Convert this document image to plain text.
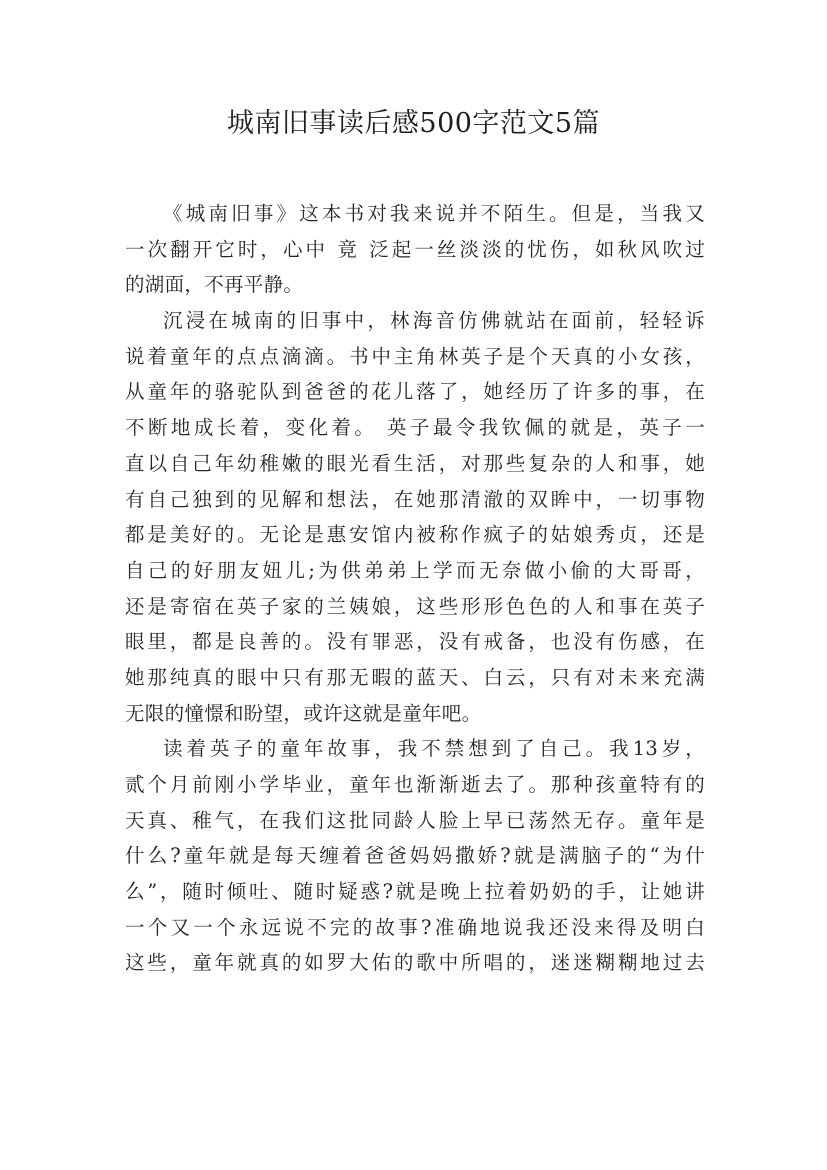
城南旧事读后感500字范文5篇
《城南旧事》这本书对我来说并不陌生。但是，当我又
一次翻开它时，心中 竟 泛起一丝淡淡的忧伤，如秋风吹过
的湖面，不再平静。
沉浸在城南的旧事中，林海音仿佛就站在面前，轻轻诉
说着童年的点点滴滴。书中主角林英子是个天真的小女孩，
从童年的骆驼队到爸爸的花儿落了，她经历了许多的事，在
不断地成长着，变化着。 英子最令我钦佩的就是，英子一
直以自己年幼稚嫩的眼光看生活，对那些复杂的人和事，她
有自己独到的见解和想法，在她那清澈的双眸中，一切事物
都是美好的。无论是惠安馆内被称作疯子的姑娘秀贞，还是
自己的好朋友妞儿;为供弟弟上学而无奈做小偷的大哥哥，
还是寄宿在英子家的兰姨娘，这些形形色色的人和事在英子
眼里，都是良善的。没有罪恶，没有戒备，也没有伤感，在
她那纯真的眼中只有那无暇的蓝天、白云，只有对未来充满
无限的憧憬和盼望，或许这就是童年吧。
读着英子的童年故事，我不禁想到了自己。我13岁，
贰个月前刚小学毕业，童年也渐渐逝去了。那种孩童特有的
天真、稚气，在我们这批同龄人脸上早已荡然无存。童年是
什么?童年就是每天缠着爸爸妈妈撒娇?就是满脑子的“为什
么”，随时倾吐、随时疑惑?就是晚上拉着奶奶的手，让她讲
一个又一个永远说不完的故事?准确地说我还没来得及明白
这些，童年就真的如罗大佑的歌中所唱的，迷迷糊糊地过去
